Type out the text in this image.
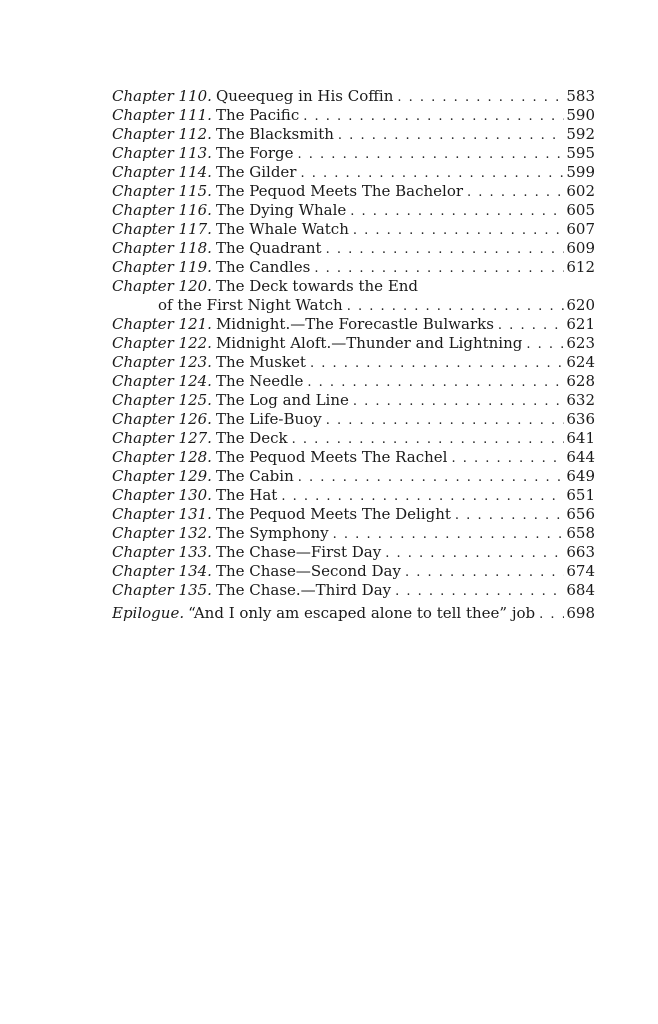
Chapter 110. Queequeg in His Coffin . . .	583
Chapter 111. The Pacific . . .	590
Chapter 112. The Blacksmith . . .	592
Chapter 113. The Forge . . .	595
Chapter 114. The Gilder . . .	599
Chapter 115. The Pequod Meets The Bachelor . . .	602
Chapter 116. The Dying Whale . . .	605
Chapter 117. The Whale Watch . . .	607
Chapter 118. The Quadrant . . .	609
Chapter 119. The Candles . . .	612
Chapter 120. The Deck towards the End
of the First Night Watch . . .	620
Chapter 121. Midnight.—The Forecastle Bulwarks . . .	621
Chapter 122. Midnight Aloft.—Thunder and Lightning . . .	623
Chapter 123. The Musket . . .	624
Chapter 124. The Needle . . .	628
Chapter 125. The Log and Line . . .	632
Chapter 126. The Life-Buoy . . .	636
Chapter 127. The Deck . . .	641
Chapter 128. The Pequod Meets The Rachel . . .	644
Chapter 129. The Cabin . . .	649
Chapter 130. The Hat . . .	651
Chapter 131. The Pequod Meets The Delight . . .	656
Chapter 132. The Symphony . . .	658
Chapter 133. The Chase—First Day . . .	663
Chapter 134. The Chase—Second Day . . .	674
Chapter 135. The Chase.—Third Day . . .	684
Epilogue. “And I only am escaped alone to tell thee” job . . . 698
